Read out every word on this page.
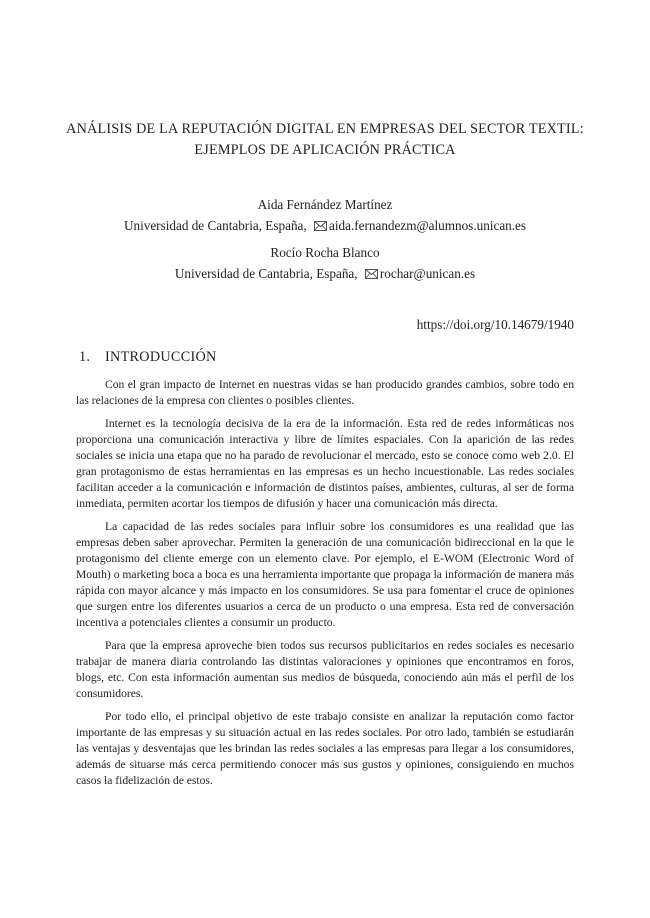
ANÁLISIS DE LA REPUTACIÓN DIGITAL EN EMPRESAS DEL SECTOR TEXTIL: EJEMPLOS DE APLICACIÓN PRÁCTICA
Aida Fernández Martínez
Universidad de Cantabria, España, aida.fernandezm@alumnos.unican.es
Rocío Rocha Blanco
Universidad de Cantabria, España, rochar@unican.es
https://doi.org/10.14679/1940
1. INTRODUCCIÓN

Con el gran impacto de Internet en nuestras vidas se han producido grandes cambios, sobre todo en las relaciones de la empresa con clientes o posibles clientes.

Internet es la tecnología decisiva de la era de la información. Esta red de redes informáticas nos proporciona una comunicación interactiva y libre de límites espaciales. Con la aparición de las redes sociales se inicia una etapa que no ha parado de revolucionar el mercado, esto se conoce como web 2.0. El gran protagonismo de estas herramientas en las empresas es un hecho incuestionable. Las redes sociales facilitan acceder a la comunicación e información de distintos países, ambientes, culturas, al ser de forma inmediata, permiten acortar los tiempos de difusión y hacer una comunicación más directa.

La capacidad de las redes sociales para influir sobre los consumidores es una realidad que las empresas deben saber aprovechar. Permiten la generación de una comunicación bidireccional en la que le protagonismo del cliente emerge con un elemento clave. Por ejemplo, el E-WOM (Electronic Word of Mouth) o marketing boca a boca es una herramienta importante que propaga la información de manera más rápida con mayor alcance y más impacto en los consumidores. Se usa para fomentar el cruce de opiniones que surgen entre los diferentes usuarios a cerca de un producto o una empresa. Esta red de conversación incentiva a potenciales clientes a consumir un producto.

Para que la empresa aproveche bien todos sus recursos publicitarios en redes sociales es necesario trabajar de manera diaria controlando las distintas valoraciones y opiniones que encontramos en foros, blogs, etc. Con esta información aumentan sus medios de búsqueda, conociendo aún más el perfil de los consumidores.

Por todo ello, el principal objetivo de este trabajo consiste en analizar la reputación como factor importante de las empresas y su situación actual en las redes sociales. Por otro lado, también se estudiarán las ventajas y desventajas que les brindan las redes sociales a las empresas para llegar a los consumidores, además de situarse más cerca permitiendo conocer más sus gustos y opiniones, consiguiendo en muchos casos la fidelización de estos.
